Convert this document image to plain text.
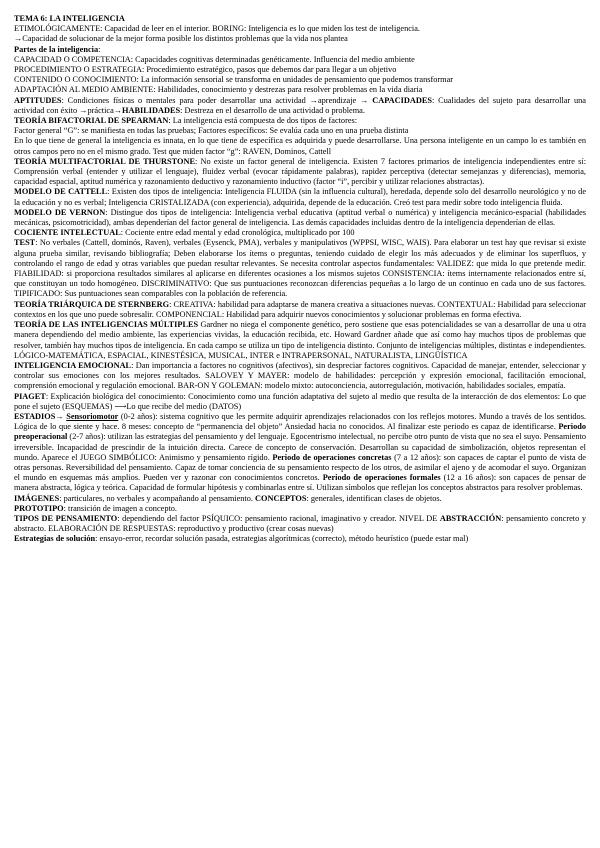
TEMA 6: LA INTELIGENCIA

ETIMOLÓGICAMENTE: Capacidad de leer en el interior. BORING: Inteligencia es lo que miden los test de inteligencia.

→Capacidad de solucionar de la mejor forma posible los distintos problemas que la vida nos plantea

Partes de la inteligencia:

CAPACIDAD O COMPETENCIA: Capacidades cognitivas determinadas genéticamente. Influencia del medio ambiente

PROCEDIMIENTO O ESTRATEGIA: Procedimiento estratégico, pasos que debemos dar para llegar a un objetivo

CONTENIDO O CONOCIMIENTO: La información sensorial se transforma en unidades de pensamiento que podemos transformar

ADAPTACIÓN AL MEDIO AMBIENTE: Habilidades, conocimiento y destrezas para resolver problemas en la vida diaria

APTITUDES: Condiciones físicas o mentales para poder desarrollar una actividad →aprendizaje → CAPACIDADES: Cualidades del sujeto para desarrollar una actividad con éxito →práctica→HABILIDADES: Destreza en el desarrollo de una actividad o problema.

TEORÍA BIFACTORIAL DE SPEARMAN: La inteligencia está compuesta de dos tipos de factores:

Factor general “G”: se manifiesta en todas las pruebas; Factores específicos: Se evalúa cada uno en una prueba distinta

En lo que tiene de general la inteligencia es innata, en lo que tiene de específica es adquirida y puede desarrollarse. Una persona inteligente en un campo lo es también en otros campos pero no en el mismo grado. Test que miden factor “g”: RAVEN, Dominos, Cattell

TEORÍA MULTIFACTORIAL DE THURSTONE: No existe un factor general de inteligencia. Existen 7 factores primarios de inteligencia independientes entre sí: Comprensión verbal (entender y utilizar el lenguaje), fluidez verbal (evocar rápidamente palabras), rapidez perceptiva (detectar semejanzas y diferencias), memoria, capacidad espacial, aptitud numérica y razonamiento deductivo y razonamiento inductivo (factor “i”, percibir y utilizar relaciones abstractas).

MODELO DE CATTELL: Existen dos tipos de inteligencia: Inteligencia FLUIDA (sin la influencia cultural), heredada, depende solo del desarrollo neurológico y no de la educación y no es verbal; Inteligencia CRISTALIZADA (con experiencia), adquirida, depende de la educación. Creó test para medir sobre todo inteligencia fluida.

MODELO DE VERNON: Distingue dos tipos de inteligencia: Inteligencia verbal educativa (aptitud verbal o numérica) y inteligencia mecánico-espacial (habilidades mecánicas, psicomotricidad), ambas dependerían del factor general de inteligencia. Las demás capacidades incluidas dentro de la inteligencia dependerían de ellas.

COCIENTE INTELECTUAL: Cociente entre edad mental y edad cronológica, multiplicado por 100

TEST: No verbales (Cattell, dominós, Raven), verbales (Eysenck, PMA), verbales y manipulativos (WPPSI, WISC, WAIS). Para elaborar un test hay que revisar si existe alguna prueba similar, revisando bibliografía; Deben elaborarse los ítems o preguntas, teniendo cuidado de elegir los más adecuados y de eliminar los superfluos, y controlando el rango de edad y otras variables que puedan resultar relevantes. Se necesita controlar aspectos fundamentales: VALIDEZ: que mida lo que pretende medir. FIABILIDAD: si proporciona resultados similares al aplicarse en diferentes ocasiones a los mismos sujetos CONSISTENCIA: ítems internamente relacionados entre sí, que constituyan un todo homogéneo. DISCRIMINATIVO: Que sus puntuaciones reconozcan diferencias pequeñas a lo largo de un continuo en cada uno de sus factores. TIPIFICADO: Sus puntuaciones sean comparables con la población de referencia.

TEORÍA TRIÁRQUICA DE STERNBERG: CREATIVA: habilidad para adaptarse de manera creativa a situaciones nuevas. CONTEXTUAL: Habilidad para seleccionar contextos en los que uno puede sobresalir. COMPONENCIAL: Habilidad para adquirir nuevos conocimientos y solucionar problemas en forma efectiva.

TEORÍA DE LAS INTELIGENCIAS MÚLTIPLES Gardner no niega el componente genético, pero sostiene que esas potencialidades se van a desarrollar de una u otra manera dependiendo del medio ambiente, las experiencias vividas, la educación recibida, etc. Howard Gardner añade que así como hay muchos tipos de problemas que resolver, también hay muchos tipos de inteligencia. En cada campo se utiliza un tipo de inteligencia distinto. Conjunto de inteligencias múltiples, distintas e independientes. LÓGICO-MATEMÁTICA, ESPACIAL, KINESTÉSICA, MUSICAL, INTER e INTRAPERSONAL, NATURALISTA, LINGÜÍSTICA

INTELIGENCIA EMOCIONAL: Dan importancia a factores no cognitivos (afectivos), sin despreciar factores cognitivos. Capacidad de manejar, entender, seleccionar y controlar sus emociones con los mejores resultados. SALOVEY Y MAYER: modelo de habilidades: percepción y expresión emocional, facilitación emocional, comprensión emocional y regulación emocional. BAR-ON Y GOLEMAN: modelo mixto: autoconciencia, autorregulación, motivación, habilidades sociales, empatía.

PIAGET: Explicación biológica del conocimiento: Conocimiento como una función adaptativa del sujeto al medio que resulta de la interacción de dos elementos: Lo que pone el sujeto (ESQUEMAS) ⟶Lo que recibe del medio (DATOS)

ESTADIOS→ Sensoriomotor (0-2 años): sistema cognitivo que les permite adquirir aprendizajes relacionados con los reflejos motores. Mundo a través de los sentidos. Lógica de lo que siente y hace. 8 meses: concepto de “permanencia del objeto” Ansiedad hacia no conocidos. Al finalizar este periodo es capaz de identificarse. Periodo preoperacional (2-7 años): utilizan las estrategias del pensamiento y del lenguaje. Egocentrismo intelectual, no percibe otro punto de vista que no sea el suyo. Pensamiento irreversible. Incapacidad de prescindir de la intuición directa. Carece de concepto de conservación. Desarrollan su capacidad de simbolización, objetos representan el mundo. Aparece el JUEGO SIMBÓLICO: Animismo y pensamiento rígido. Periodo de operaciones concretas (7 a 12 años): son capaces de captar el punto de vista de otras personas. Reversibilidad del pensamiento. Capaz de tomar conciencia de su pensamiento respecto de los otros, de asimilar el ajeno y de acomodar el suyo. Organizan el mundo en esquemas más amplios. Pueden ver y razonar con conocimientos concretos. Periodo de operaciones formales (12 a 16 años): son capaces de pensar de manera abstracta, lógica y teórica. Capacidad de formular hipótesis y combinarlas entre sí. Utilizan símbolos que reflejan los conceptos abstractos para resolver problemas.

IMÁGENES: particulares, no verbales y acompañando al pensamiento. CONCEPTOS: generales, identifican clases de objetos.

PROTOTIPO: transición de imagen a concepto.

TIPOS DE PENSAMIENTO: dependiendo del factor PSÍQUICO: pensamiento racional, imaginativo y creador. NIVEL DE ABSTRACCIÓN: pensamiento concreto y abstracto. ELABORACIÓN DE RESPUESTAS: reproductivo y productivo (crear cosas nuevas)

Estrategias de solución: ensayo-error, recordar solución pasada, estrategias algorítmicas (correcto), método heurístico (puede estar mal)
